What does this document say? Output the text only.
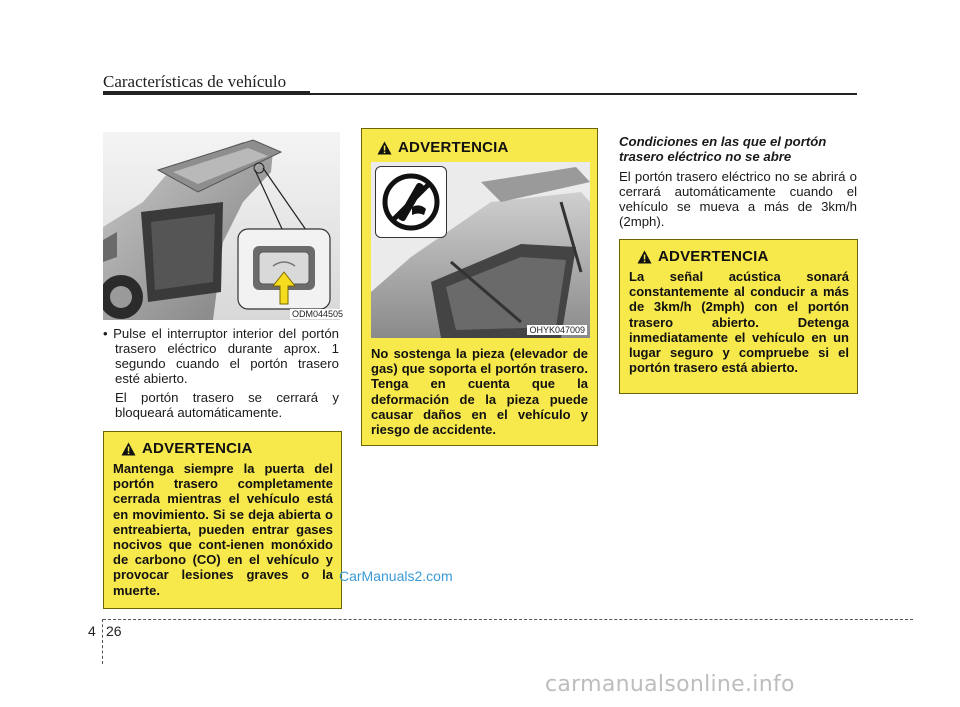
Características de vehículo
ODM044505

• Pulse el interruptor interior del portón trasero eléctrico durante aprox. 1 segundo cuando el portón trasero esté abierto.

El portón trasero se cerrará y bloqueará automáticamente.

ADVERTENCIA
Mantenga siempre la puerta del portón trasero completamente cerrada mientras el vehículo está en movimiento. Si se deja abierta o entreabierta, pueden entrar gases nocivos que cont-ienen monóxido de carbono (CO) en el vehículo y provocar lesiones graves o la muerte.
ADVERTENCIA
OHYK047009
No sostenga la pieza (elevador de gas) que soporta el portón trasero. Tenga en cuenta que la deformación de la pieza puede causar daños en el vehículo y riesgo de accidente.
Condiciones en las que el portón trasero eléctrico no se abre
El portón trasero eléctrico no se abrirá o cerrará automáticamente cuando el vehículo se mueva a más de 3km/h (2mph).
ADVERTENCIA
La señal acústica sonará constantemente al conducir a más de 3km/h (2mph) con el portón trasero abierto. Detenga inmediatamente el vehículo en un lugar seguro y compruebe si el portón trasero está abierto.
CarManuals2.com
4 26
carmanualsonline.info
